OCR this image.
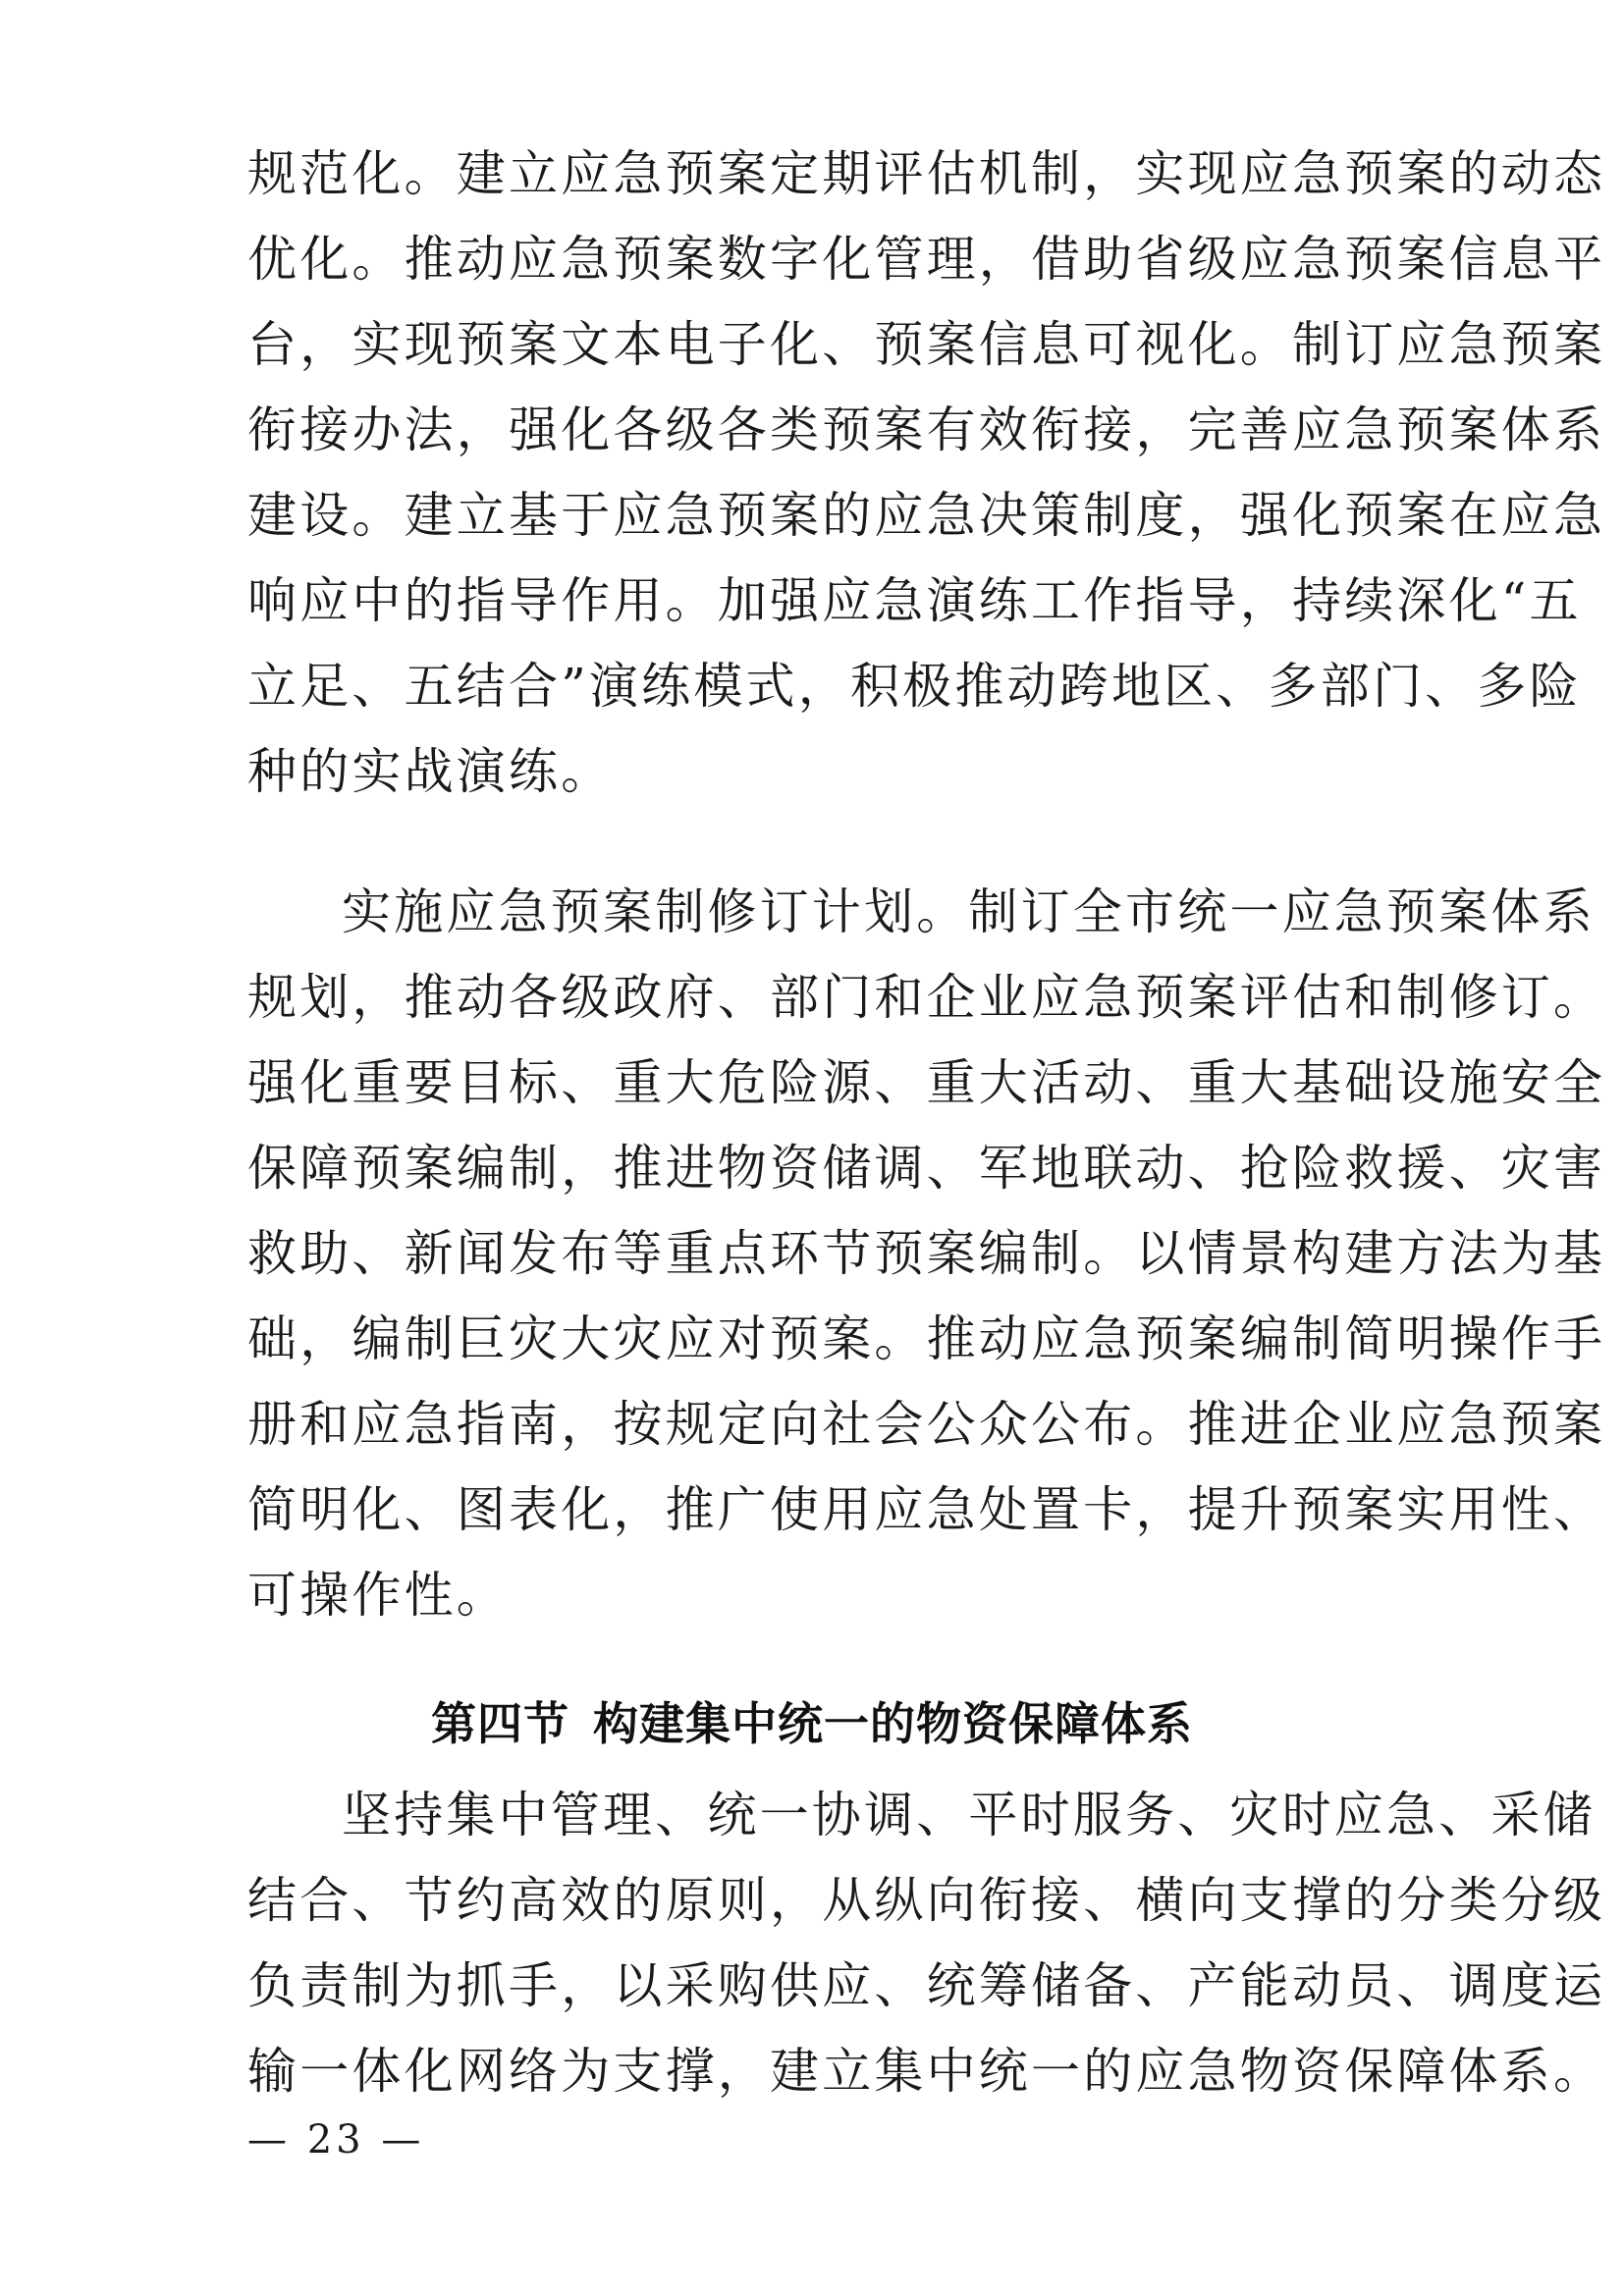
规范化。建立应急预案定期评估机制，实现应急预案的动态
优化。推动应急预案数字化管理，借助省级应急预案信息平
台，实现预案文本电子化、预案信息可视化。制订应急预案
衔接办法，强化各级各类预案有效衔接，完善应急预案体系
建设。建立基于应急预案的应急决策制度，强化预案在应急
响应中的指导作用。加强应急演练工作指导，持续深化“五
立足、五结合”演练模式，积极推动跨地区、多部门、多险
种的实战演练。
实施应急预案制修订计划。制订全市统一应急预案体系
规划，推动各级政府、部门和企业应急预案评估和制修订。
强化重要目标、重大危险源、重大活动、重大基础设施安全
保障预案编制，推进物资储调、军地联动、抢险救援、灾害
救助、新闻发布等重点环节预案编制。以情景构建方法为基
础，编制巨灾大灾应对预案。推动应急预案编制简明操作手
册和应急指南，按规定向社会公众公布。推进企业应急预案
简明化、图表化，推广使用应急处置卡，提升预案实用性、
可操作性。
第四节 构建集中统一的物资保障体系
坚持集中管理、统一协调、平时服务、灾时应急、采储
结合、节约高效的原则，从纵向衔接、横向支撑的分类分级
负责制为抓手，以采购供应、统筹储备、产能动员、调度运
输一体化网络为支撑，建立集中统一的应急物资保障体系。
— 23 —
